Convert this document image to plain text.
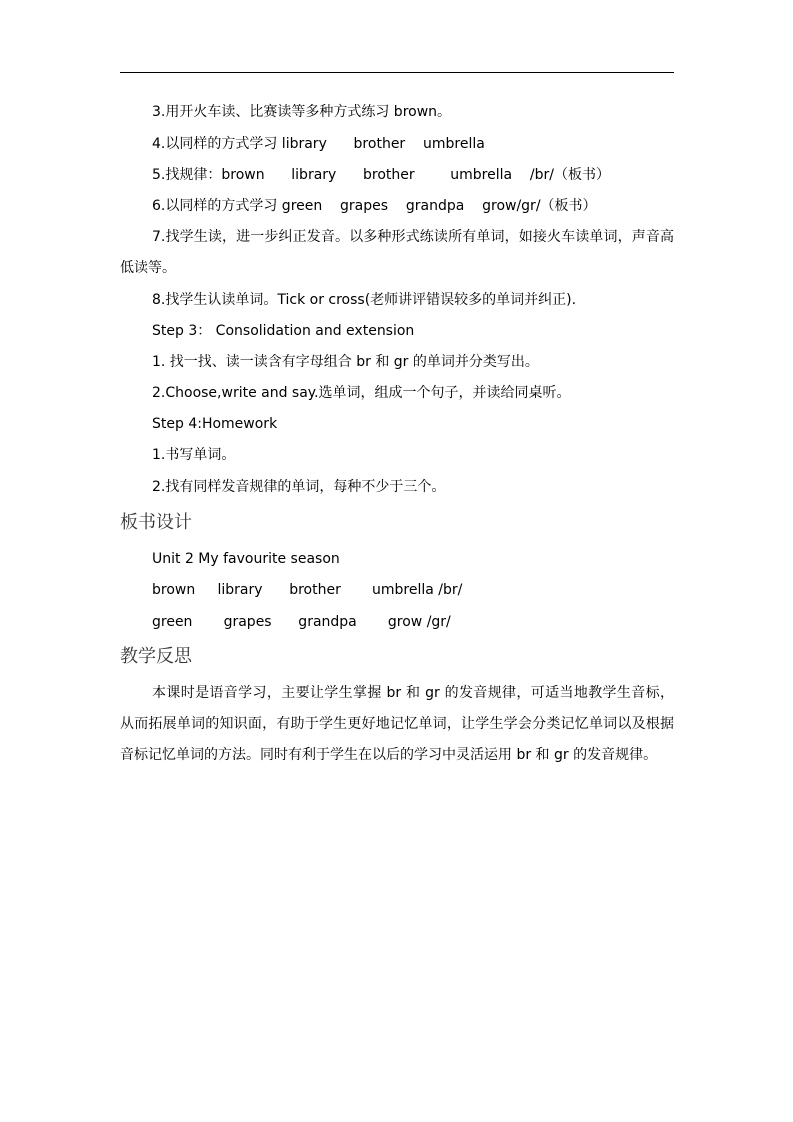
3.用开火车读、比赛读等多种方式练习 brown。
4.以同样的方式学习 library      brother    umbrella
5.找规律：brown      library      brother        umbrella    /br/（板书）
6.以同样的方式学习 green    grapes    grandpa    grow/gr/（板书）
7.找学生读，进一步纠正发音。以多种形式练读所有单词，如接火车读单词，声音高低读等。
8.找学生认读单词。Tick or cross(老师讲评错误较多的单词并纠正).
Step 3： Consolidation and extension
1. 找一找、读一读含有字母组合 br 和 gr 的单词并分类写出。
2.Choose,write and say.选单词，组成一个句子，并读给同桌听。
Step 4:Homework
1.书写单词。
2.找有同样发音规律的单词，每种不少于三个。
板书设计
Unit 2 My favourite season
brown     library      brother       umbrella /br/
green       grapes      grandpa       grow /gr/
教学反思
本课时是语音学习，主要让学生掌握 br 和 gr 的发音规律，可适当地教学生音标，从而拓展单词的知识面，有助于学生更好地记忆单词，让学生学会分类记忆单词以及根据音标记忆单词的方法。同时有利于学生在以后的学习中灵活运用 br 和 gr 的发音规律。
